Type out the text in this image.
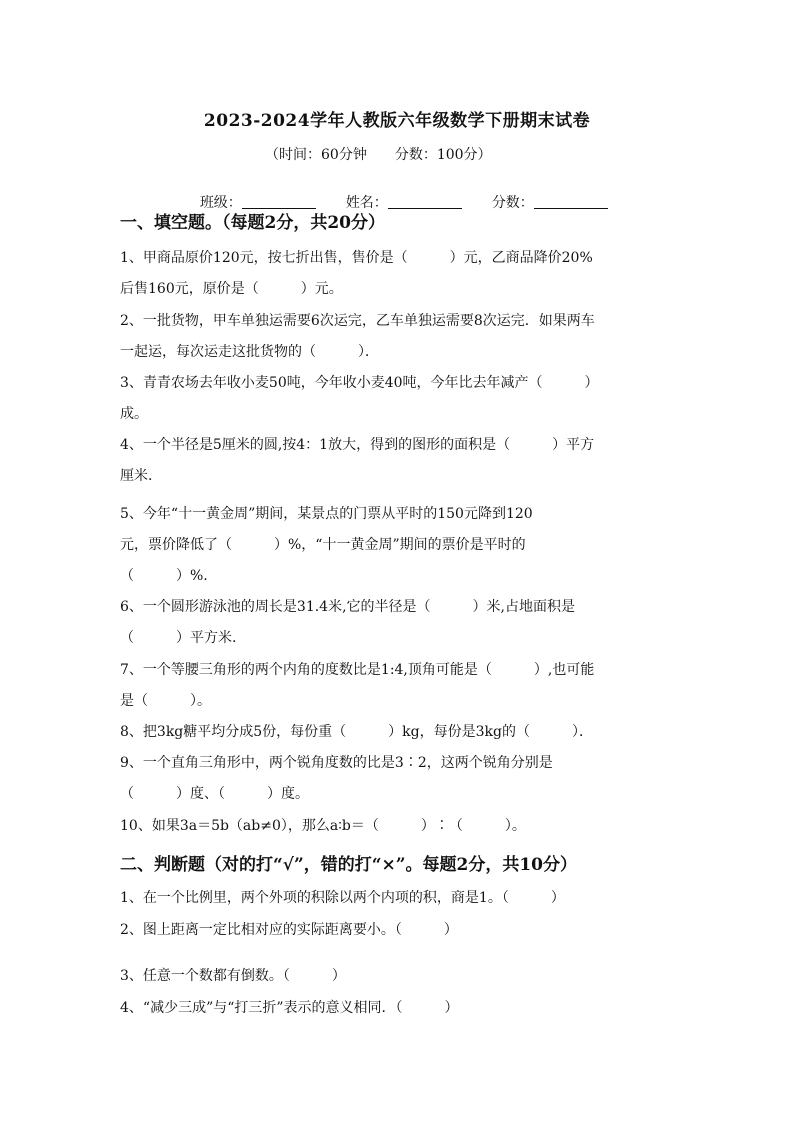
2023-2024学年人教版六年级数学下册期末试卷
（时间：60分钟　　分数：100分）

班级：	姓名：	分数：

一、填空题。（每题2分，共20分）
1、甲商品原价120元，按七折出售，售价是（　　　）元，乙商品降价20%
后售160元，原价是（　　　）元。
2、一批货物，甲车单独运需要6次运完，乙车单独运需要8次运完．如果两车
一起运，每次运走这批货物的（　　　）．
3、青青农场去年收小麦50吨，今年收小麦40吨，今年比去年减产（　　　）
成。
4、一个半径是5厘米的圆,按4：1放大，得到的图形的面积是（　　　）平方
厘米.
5、今年“十一黄金周”期间，某景点的门票从平时的150元降到120
元，票价降低了（　　　）%，“十一黄金周”期间的票价是平时的
（　　　）%.
6、一个圆形游泳池的周长是31.4米,它的半径是（　　　）米,占地面积是
（　　　）平方米.
7、一个等腰三角形的两个内角的度数比是1:4,顶角可能是（　　　）,也可能
是（　　　）。
8、把3kg糖平均分成5份，每份重（　　　）kg，每份是3kg的（　　　）．
9、一个直角三角形中，两个锐角度数的比是3∶2，这两个锐角分别是
（　　　）度、（　　　）度。
10、如果3a＝5b（ab≠0），那么a∶b＝（　　　）∶（　　　）。
二、判断题（对的打“√”，错的打“×”。每题2分，共10分）
1、在一个比例里，两个外项的积除以两个内项的积，商是1。（　　　）
2、图上距离一定比相对应的实际距离要小。（　　　）
3、任意一个数都有倒数。（　　　）
4、“减少三成”与“打三折”表示的意义相同．（　　　）
